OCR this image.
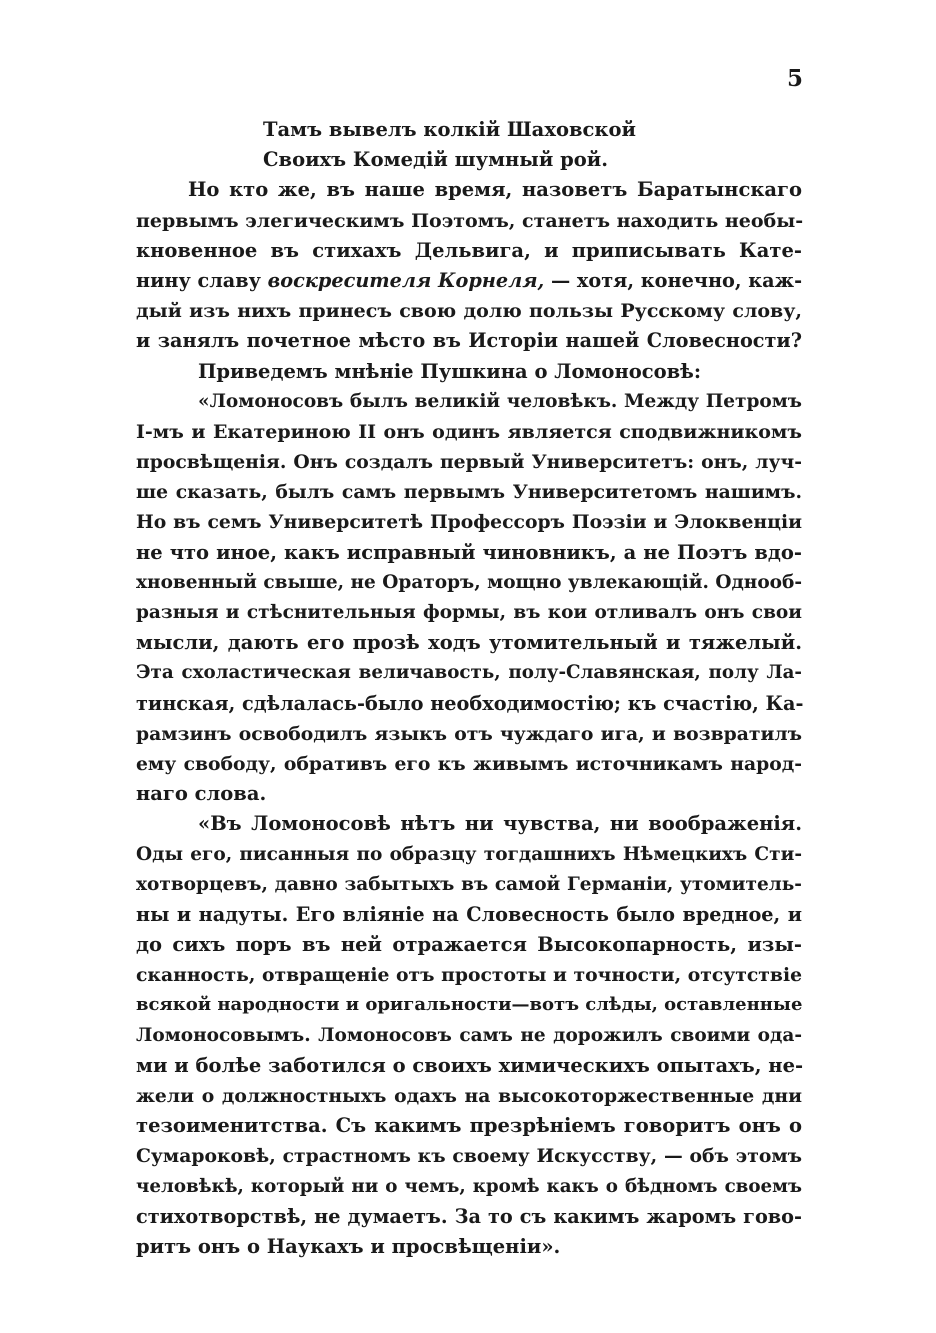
5
Тамъ вывелъ колкій Шаховской
Своихъ Комедій шумный рой.
Но кто же, въ наше время, назоветъ Баратынскаго
первымъ элегическимъ Поэтомъ, станетъ находить необы-
кновенное въ стихахъ Дельвига, и приписывать Кате-
нину славу воскресителя Корнеля, — хотя, конечно, каж-
дый изъ нихъ принесъ свою долю пользы Русскому слову,
и занялъ почетное мѣсто въ Исторіи нашей Словесности?
Приведемъ мнѣніе Пушкина о Ломоносовѣ:
«Ломоносовъ былъ великій человѣкъ. Между Петромъ
I-мъ и Екатериною II онъ одинъ является сподвижникомъ
просвѣщенія. Онъ создалъ первый Университетъ: онъ, луч-
ше сказать, былъ самъ первымъ Университетомъ нашимъ.
Но въ семъ Университетѣ Профессоръ Поэзіи и Элоквенціи
не что иное, какъ исправный чиновникъ, а не Поэтъ вдо-
хновенный свыше, не Ораторъ, мощно увлекающій. Однооб-
разныя и стѣснительныя формы, въ кои отливалъ онъ свои
мысли, дають его прозѣ ходъ утомительный и тяжелый.
Эта схоластическая величавость, полу-Славянская, полу Ла-
тинская, сдѣлалась-было необходимостію; къ счастію, Ка-
рамзинъ освободилъ языкъ отъ чуждаго ига, и возвратилъ
ему свободу, обративъ его къ живымъ источникамъ народ-
наго слова.
«Въ Ломоносовѣ нѣтъ ни чувства, ни воображенія.
Оды его, писанныя по образцу тогдашнихъ Нѣмецкихъ Сти-
хотворцевъ, давно забытыхъ въ самой Германіи, утомитель-
ны и надуты. Его вліяніе на Словесность было вредное, и
до сихъ поръ въ ней отражается Высокопарность, изы-
сканность, отвращеніе отъ простоты и точности, отсутствіе
всякой народности и оригальности—вотъ слѣды, оставленные
Ломоносовымъ. Ломоносовъ самъ не дорожилъ своими ода-
ми и болѣе заботился о своихъ химическихъ опытахъ, не-
жели о должностныхъ одахъ на высокоторжественные дни
тезоименитства. Съ какимъ презрѣніемъ говоритъ онъ о
Сумароковѣ, страстномъ къ своему Искусству, — объ этомъ
человѣкѣ, который ни о чемъ, кромѣ какъ о бѣдномъ своемъ
стихотворствѣ, не думаетъ. За то съ какимъ жаромъ гово-
ритъ онъ о Наукахъ и просвѣщеніи».
